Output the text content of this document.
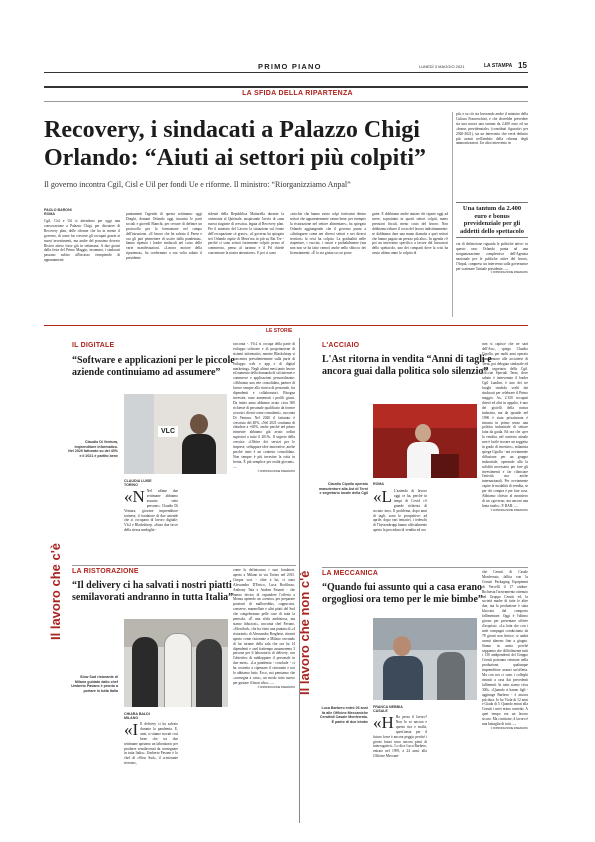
PRIMO PIANO	LUNEDÌ 3 MAGGIO 2021	LA STAMPA 15
LA SFIDA DELLA RIPARTENZA
Recovery, i sindacati a Palazzo Chigi
Orlando: “Aiuti ai settori più colpiti”
Il governo incontra Cgil, Cisl e Uil per fondi Ue e riforme. Il ministro: “Riorganizziamo Anpal”
PAOLO BARONI
ROMA
Cgil, Cisl e Uil si attendono per oggi una convocazione a Palazzo Chigi, per discutere di Recovery plan, delle riforme che ha in mente il governo, di come far crescere gli occupati grazie ai nuovi investimenti, ma anche del prossimo decreto Ristori atteso forse già in settimana. A due giorni dalla festa del Primo Maggio, insomma, i sindacati passano subito all'incasso riempiendo di appuntamenti
puntamenti l'agenda di questa settimana: oggi Draghi, domani Orlando oggi incontra le parti sociali e giovedì Bianchi, per cercare di definire un protocollo per la formazione nel campo dell'istruzione. «Il lavoro che ha salvato il Paese e ora gli può permettere di uscire dalla pandemia», hanno ripetuto i leader sindacali nel corso delle varie manifestazioni. «Lavoro motore della ripartenza», ha confermato a sua volta sabato il presidente
sidente della Repubblica Mattarella durante la cerimonia al Quirinale, auspicando l'avvio di «una nuova stagione di crescita» legata al Recovery plan. Per il ministro del Lavoro la situazione sul fronte dell'occupazione «è grave», «il governo ha spiegato ieri Orlando ospite di Mezz'ora in più su Rai Tre - perché ci sono settori fortemente colpiti: penso al commercio, penso al turismo e il Pd chiede concentrare la nostra attenzione». E poi ci sono
«nicchie che hanno avuto colpi fortissimi dentro settori che apparentemente vanno bene: per esempio la ristorazione nel settore alimentare», ha spiegato Orlando aggiungendo che il governo punta a «distinguere come nei diversi settori e nei diversi territori» la crisi ha colpito. La gradualità nelle riaperture, i vaccini, i ristori e probabilmente (ma non non se ha fatto cenno) anche nello sblocco dei licenziamenti: «È la via giusta su cui prose
guire. E dobbiamo anche aiutare chi riparte oggi ad avere, soprattutto in questi settori colpiti, meno pressioni fiscali, meno costo del lavoro. Non dobbiamo ridurre il costo del lavoro indistintamente: se dobbiamo dare una mano diamola a quei settori che hanno pagato un prezzo più alto». In agenda c'è poi un intervento specifico a favore del lavoratori dello spettacolo, uno dei comparti dove la crisi ha avuto ultimo anno lo colpito di
più, e su ciò sta lavorando anche il ministro della Cultura Franceschini, e che dovrebbe prevedere sia una nuova una tantum da 2.400 euro ed un «bonus previdenziale» (contributi figurativi per 2020-2021), sia un intervento che verrà definito più avanti nell'ambito della riforma degli ammortizzatori. Un altro intervento in
Una tantum da 2.400 euro e bonus previdenziale per gli addetti dello spettacolo
via di definizione riguarda le politiche attive: in questo caso Orlando punta ad una riorganizzazione complessiva dell'Agenzia nazionale per le politiche attive del lavoro, l'Anpal, compreso un intervento sulla governance per scatenare l'attuale presidente. —
© RIPRODUZIONE RISERVATA
LE STORIE
Il lavoro che c'è	Il lavoro che non c'è
IL DIGITALE
“Software e applicazioni per le piccole aziende continuiamo ad assumere”
VLC
Claudio Di Ventura, imprenditore informatico. Nel 2020 fatturato su del 40% e il 2021 è partito bene
CLAUDIA LUISE
TORINO
«N Nel ultime due settimane abbiamo assunto sette persone». Claudio Di Ventura, giovane imprenditore torinese, il fondatore di due aziende che si occupano di lavoro digitale: Vlc2 e Blackshirep. «Sono due facce della stessa medaglia -
racconta -. Vlc2 si occupa della parte di sviluppo software e di progettazione di sistemi informatici, mentre Blackshirep si concentra prevalentemente sulla parte di sviluppo web e app e di digital marketing». Negli ultimi mesi tanto lavoro ed aumento della domanda di siti internet e commerce e applicazioni personalizzate: «Abbiamo una rete consolidata, partner di lavoro sempre alla ricerca di personale, fra dipendenti e collaboratori. Bisogna investire, sono aumentati i profili giusti. Da inizio anno abbiamo avuto circa 300 richieste di personale qualificato da fornire ai nostri clienti come consulenti», racconta Di Ventura. Nel 2020 il fatturato è cresciuto del 40%. «Nel 2021 contiamo di chiudere a +60%, anche perché nel primo trimestre abbiamo già avuto ordini superiori a tutto il 2019». Il segreto della crescita: «Offrire dei servizi per le imprese, sviluppare idee innovative, anche perché tutto è un contesto consolidato. Non sempre è più investire la rotta in frenta. È più semplice per realtà giovani». —
© RIPRODUZIONE RISERVATA
LA RISTORAZIONE
“Il delivery ci ha salvati i nostri piatti semilavorati andranno in tutta Italia”
Slow Sud ristorante di Milano guidato dallo chef Umberto Pavano è pronto a portare in tutta Italia
CHIARA BALDI
MILANO
«I Il delivery ci ha salvato durante la pandemia. E, anzi, ci stiamo trovati così bene che tra due settimane apriamo un laboratorio per produrre semilavorati da consegnare in tutta Italia». Umberto Pavano è lo chef di «Slow Sud», il «ristorante terrone»,
come lo definiscono i suoi fondatori, aperto a Milano in via Torino nel 2015. Cinque soci - oltre a lui, ci sono Alessandro D'Errico, Luca Rodilosso, Anthony Tata e Andrea Fasanti - che hanno deciso di espandere l'offerta a Monza aprendo un «centro» per preparare porzioni di malloreddus, cappuccini, conserve, marmellate e altri piatti del Sud che congeleranno pelle case di tutta la penisola. «È una sfida ambiziosa, ma siamo fiduciosi», racconta chef Pavano. «SlowSud», che ha vinto una puntata di «4 ristoranti» di Alessandro Borghese, ritrarrà aperto come ristorante a Milano cercando di far tornare della sala che ora ha 14 dipendenti e «nel frattempo assumeremo 3 persone per il laboratorio di delivery, con l'obiettivo di raddoppiare il personale in due mesi». «La pandemia - conclude - ci ha costretto a ripensare il ristorante e noi lo abbiamo fatto. Ecco, noi pensiamo che «consegna a casa», un modo tutto nuovo per gustare il buon cibo». —
© RIPRODUZIONE RISERVATA
L'ACCIAIO
L'Ast ritorna in vendita “Anni di tagli e ancora guai dalla politica solo silenzio”
Claudio Cipolla operaio manutentore alla Ast di Terni e segretario locale della Cgil
ROMA
«L L'azienda di lavoro oggi ce ha, perché in tempi di Covid c'è grande richiesta di acciaio inox. Il problema, dopo anni di tagli, sono le prospettive: ad aprile, dopo vari tentativi, i tedeschi di Thyssenkrupp hanno ufficialmente aperto la procedura di vendita ed ora
non si capisce che ne sarà dell'Ast», spiega Claudio Cipolla, per molti anni operaio manutentore alle acciaierie di Terni, poi delegato sindacale ed oggi segretario della Cgil. «Acciai Speciali Terni, dove sabato è intervenuto il leader Cgil Landini, è uno dei tre luoghi simbolo scelti dai sindacati per celebrare il Primo maggio. Ax, 2.350 occupati diretti ed altri in appalto, è uno dei gioielli della nostra industria, ma da quando nel 1990 è stata privatizzata è rimasta in primo senso una politica industriale di settore fatta da guida. Ed ora che «per la vendita, nel contesto attuale non è facile trovare un soggetto in grado di investire», milanista spiega Cipolla - noi ovviamente diffusione per un gruppo industriale, operando alla la solidità necessaria per fare gli investimenti e far rilanciare l'attività ma anche internazionali. Per ovviamente capire le modalità di vendita, se per chi compra e per fare cosa. Abbiamo chiesto al ministero di un «governo, ma ancora una lenta totale». P. BAR. —
© RIPRODUZIONE RISERVATA
LA MECCANICA
“Quando fui assunto qui a casa erano orgogliosi ora temo per le mie bimbe”
Luca Barbero entrò 26 anni fa alle Officine Meccaniche Ceruttidi Casale Monferrato. È padre di due bimbe
FRANCA NEBBIA
CASALE
«H Ho perso il lavoro? Non lo so ancora e questo tira e molla, quest'ansia per il futuro forse è ancora peggio perché i giorni futuri sono ancora pieni di interrogativi». Lo dice Luca Barbero, entrato nel 1995, a 24 anni, alla Officine Meccani-
che Cerutti di Casale Monferrato, fallita con la Cerutti Packaging Equipment di Vercelli il 17 ottobre. Richiesta l'arrivamento ottenuto nel Gruppo Cerutti ed, la società madre di tutte le altre due, ma la produzione è stata bloccata dal comporto fallimentare. Oggi è l'ultimo giorno per presentare offerte d'acquisto. «La lotta che con i miei compagni conduciamo da 78 giorni non finisce, si andrà avanti almeno fino a giugno. Siamo in ansia perché sappiamo che difficilmente tutti i 130 andipendenti del Gruppo Cerutti potranno rientrare nella produzione, qualunque imprenditore avanzi un'offerta. Ma con noi ci sono i colleghi rimasti a casa dai precedenti fallimenti. In tutto siamo circa 300». «Quando ci hanno figli - aggiunge Barbero - è ancora più dura. Io ho Viola di 12 anni e Giada di 5. Quando entrai alla Cerutti i miei erano contenti. A quei tempo era un lavoro sicuro. Ma costituire, il lavoro è una battaglia di tutti. —
© RIPRODUZIONE RISERVATA
